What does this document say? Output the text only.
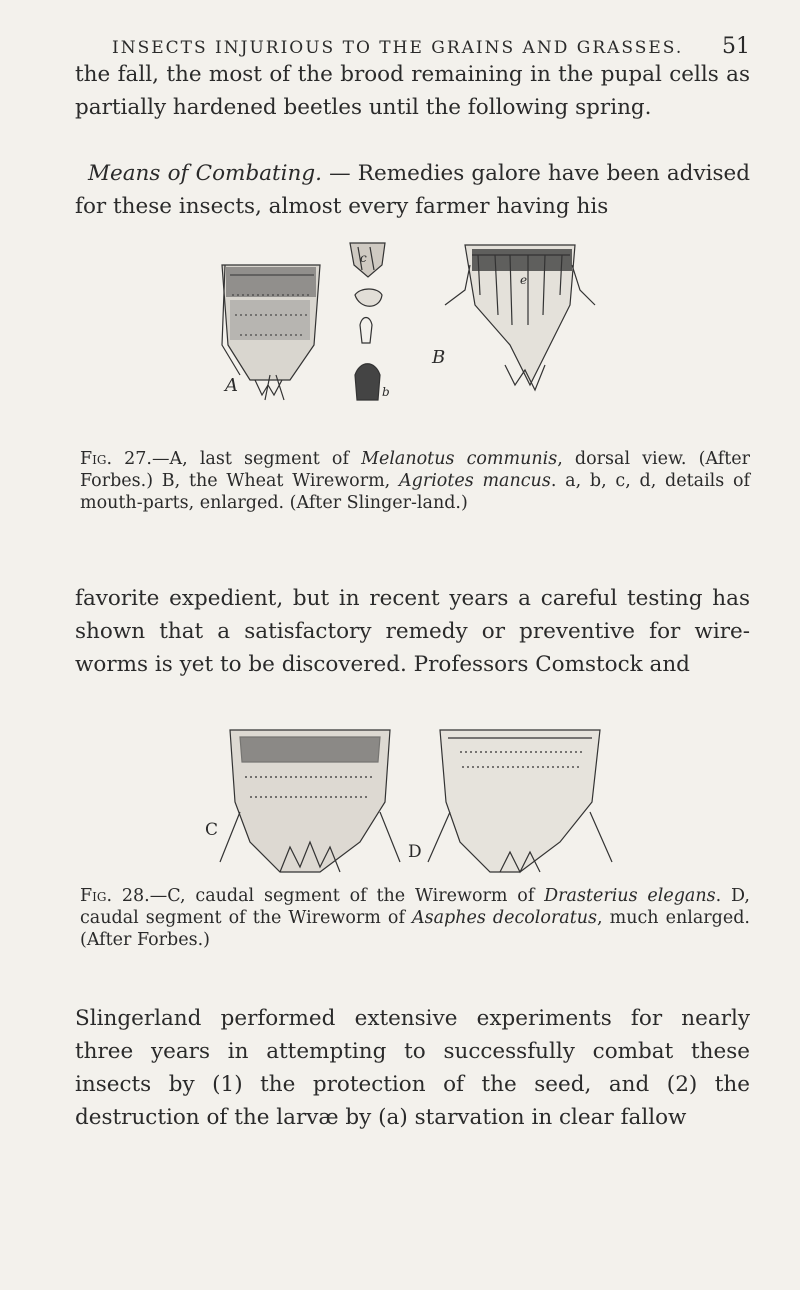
INSECTS INJURIOUS TO THE GRAINS AND GRASSES. 51

the fall, the most of the brood remaining in the pupal cells as partially hardened beetles until the following spring.

Means of Combating. — Remedies galore have been advised for these insects, almost every farmer having his

A
B
b
c
e

Fig. 27.—A, last segment of Melanotus communis, dorsal view. (After Forbes.) B, the Wheat Wireworm, Agriotes mancus. a, b, c, d, details of mouth-parts, enlarged. (After Slinger-land.)

favorite expedient, but in recent years a careful testing has shown that a satisfactory remedy or preventive for wire-worms is yet to be discovered. Professors Comstock and

C
D

Fig. 28.—C, caudal segment of the Wireworm of Drasterius elegans. D, caudal segment of the Wireworm of Asaphes decoloratus, much enlarged. (After Forbes.)

Slingerland performed extensive experiments for nearly three years in attempting to successfully combat these insects by (1) the protection of the seed, and (2) the destruction of the larvæ by (a) starvation in clear fallow
